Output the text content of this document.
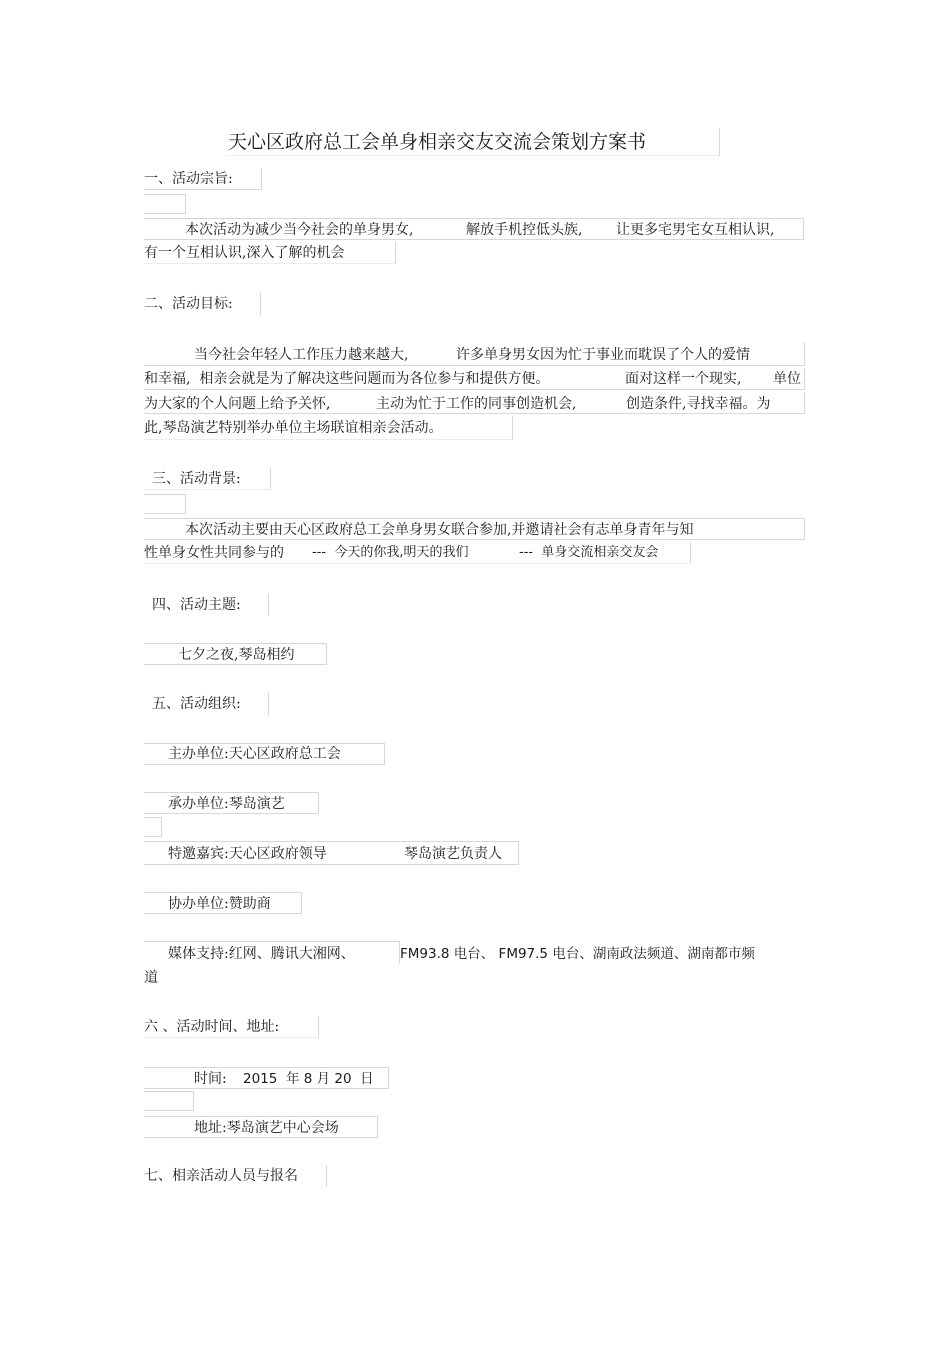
天心区政府总工会单身相亲交友交流会策划方案书
一、活动宗旨:
本次活动为减少当今社会的单身男女,	解放手机控低头族, 让更多宅男宅女互相认识,
有一个互相认识,深入了解的机会
二、活动目标:
当今社会年轻人工作压力越来越大,	许多单身男女因为忙于事业而耽误了个人的爱情
和幸福,  相亲会就是为了解决这些问题而为各位参与和提供方便。	面对这样一个现实, 单位
为大家的个人问题上给予关怀,	主动为忙于工作的同事创造机会,	创造条件,寻找幸福。为
此,琴岛演艺特别举办单位主场联谊相亲会活动。
三、活动背景:
本次活动主要由天心区政府总工会单身男女联合参加,并邀请社会有志单身青年与知
性单身女性共同参与的 ---  今天的你我,明天的我们	---  单身交流相亲交友会
四、活动主题:
七夕之夜,琴岛相约
五、活动组织:
主办单位:天心区政府总工会
承办单位:琴岛演艺
特邀嘉宾:天心区政府领导	琴岛演艺负责人
协办单位:赞助商
媒体支持:红网、腾讯大湘网、	FM93.8 电台、 FM97.5 电台、湖南政法频道、湖南都市频
道
六 、活动时间、地址:
时间: 2015  年 8 月 20  日
地址:琴岛演艺中心会场
七、相亲活动人员与报名
